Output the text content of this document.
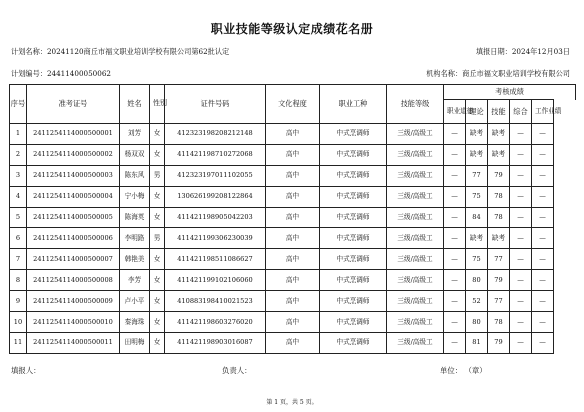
职业技能等级认定成绩花名册
计划名称：20241120商丘市福文职业培训学校有限公司第62批认定	填报日期：2024年12月03日
计划编号：24411400050062	机构名称：商丘市福文职业培训学校有限公司
序号	准考证号	姓名	性别	证件号码	文化程度	职业工种	技能等级	考核成绩			

								职业道德	理论	技能	综合	工作业绩

1	2411254114000500001	刘芳	女	412323198208212148	高中	中式烹调师	三级/高级工	—	缺考	缺考	—	—
2	2411254114000500002	杨双双	女	411421198710272068	高中	中式烹调师	三级/高级工	—	缺考	缺考	—	—
3	2411254114000500003	陈东风	男	412323197011102055	高中	中式烹调师	三级/高级工	—	77	79	—	—
4	2411254114000500004	宁小梅	女	130626199208122864	高中	中式烹调师	三级/高级工	—	75	78	—	—
5	2411254114000500005	陈海英	女	411421198905042203	高中	中式烹调师	三级/高级工	—	84	78	—	—
6	2411254114000500006	李明路	男	411421199306230039	高中	中式烹调师	三级/高级工	—	缺考	缺考	—	—
7	2411254114000500007	韩艳美	女	411421198511086627	高中	中式烹调师	三级/高级工	—	75	77	—	—
8	2411254114000500008	李芳	女	411421199102106060	高中	中式烹调师	三级/高级工	—	80	79	—	—
9	2411254114000500009	卢小平	女	410883198410021523	高中	中式烹调师	三级/高级工	—	52	77	—	—
10	2411254114000500010	秦海珠	女	411421198603276020	高中	中式烹调师	三级/高级工	—	80	78	—	—
11	2411254114000500011	田明梅	女	411421198903016087	高中	中式烹调师	三级/高级工	—	81	79	—	—
填报人：	负责人：	单位： （章）
第 1 页，共 5 页。
